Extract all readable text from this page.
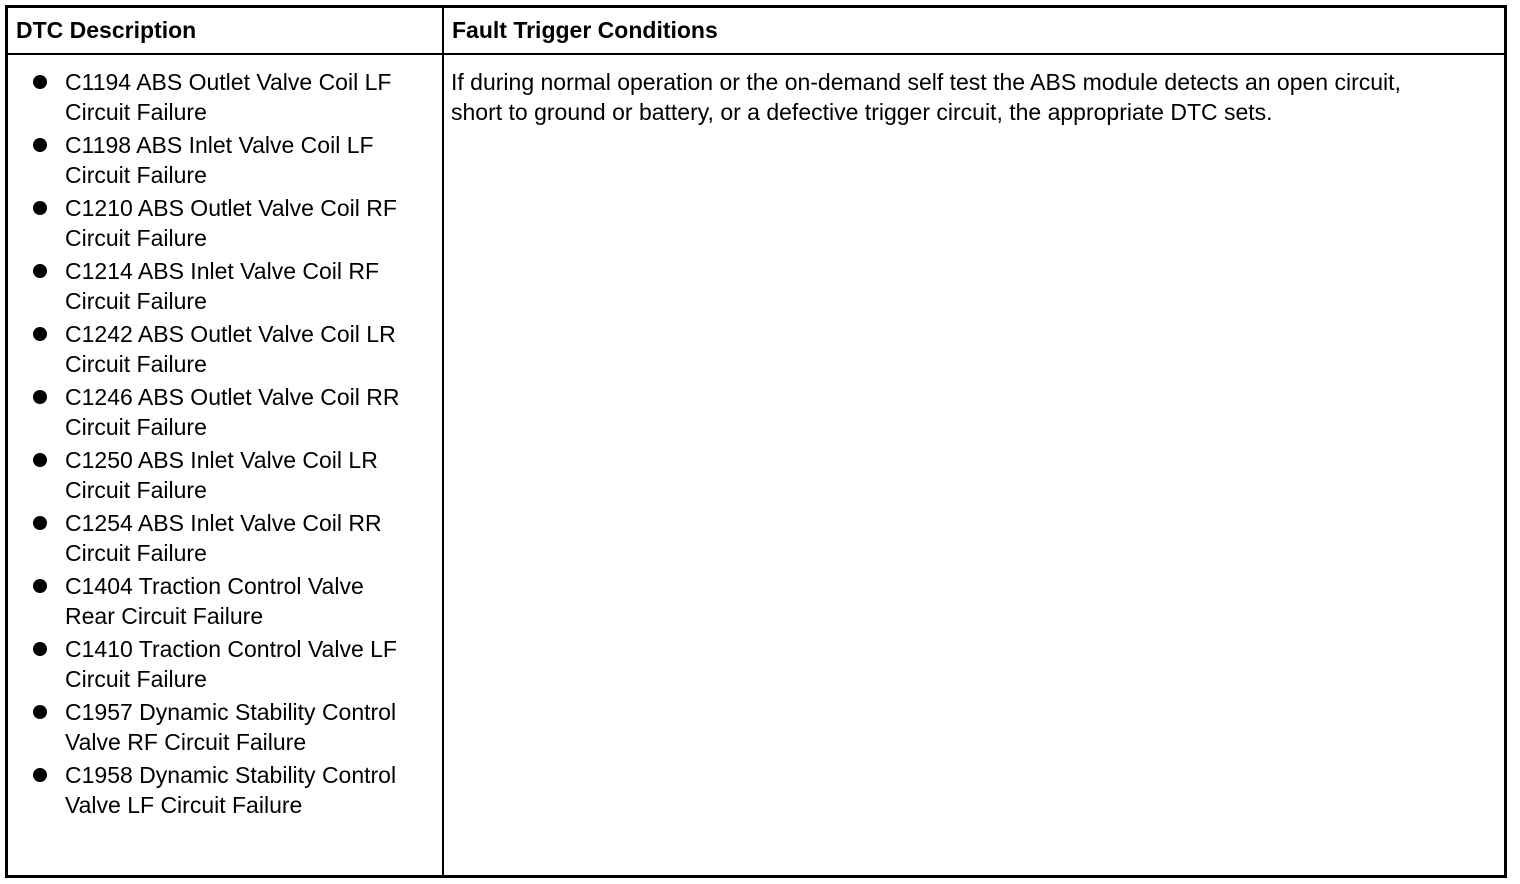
DTC Description	Fault Trigger Conditions
C1194 ABS Outlet Valve Coil LF
Circuit Failure
C1198 ABS Inlet Valve Coil LF
Circuit Failure
C1210 ABS Outlet Valve Coil RF
Circuit Failure
C1214 ABS Inlet Valve Coil RF
Circuit Failure
C1242 ABS Outlet Valve Coil LR
Circuit Failure
C1246 ABS Outlet Valve Coil RR
Circuit Failure
C1250 ABS Inlet Valve Coil LR
Circuit Failure
C1254 ABS Inlet Valve Coil RR
Circuit Failure
C1404 Traction Control Valve
Rear Circuit Failure
C1410 Traction Control Valve LF
Circuit Failure
C1957 Dynamic Stability Control
Valve RF Circuit Failure
C1958 Dynamic Stability Control
Valve LF Circuit Failure

If during normal operation or the on-demand self test the ABS module detects an open circuit,
short to ground or battery, or a defective trigger circuit, the appropriate DTC sets.
